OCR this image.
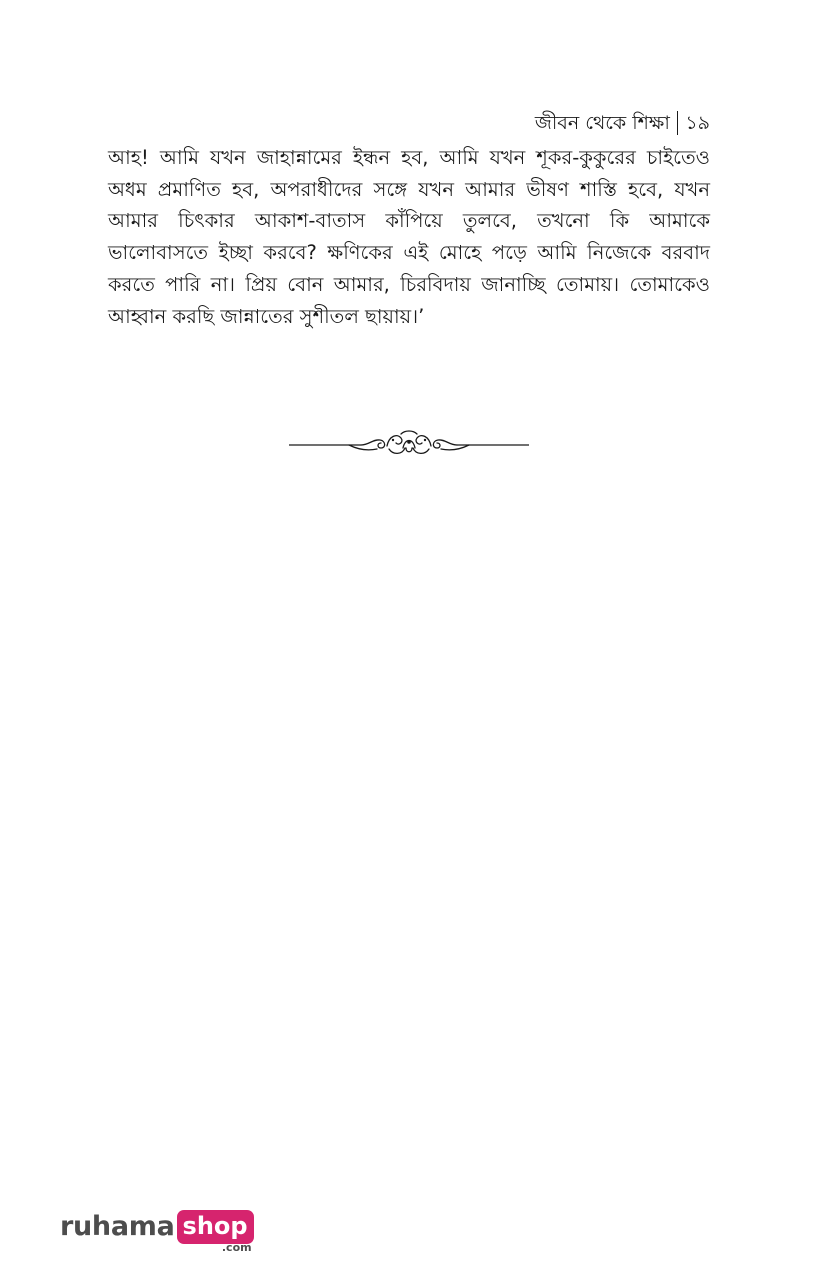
জীবন থেকে শিক্ষা ১৯

আহ! আমি যখন জাহান্নামের ইন্ধন হব, আমি যখন শূকর-কুকুরের চাইতেও অধম প্রমাণিত হব, অপরাধীদের সঙ্গে যখন আমার ভীষণ শাস্তি হবে, যখন আমার চিৎকার আকাশ-বাতাস কাঁপিয়ে তুলবে, তখনো কি আমাকে ভালোবাসতে ইচ্ছা করবে? ক্ষণিকের এই মোহে পড়ে আমি নিজেকে বরবাদ করতে পারি না। প্রিয় বোন আমার, চিরবিদায় জানাচ্ছি তোমায়। তোমাকেও আহ্বান করছি জান্নাতের সুশীতল ছায়ায়।’

ruhama shop
.com
